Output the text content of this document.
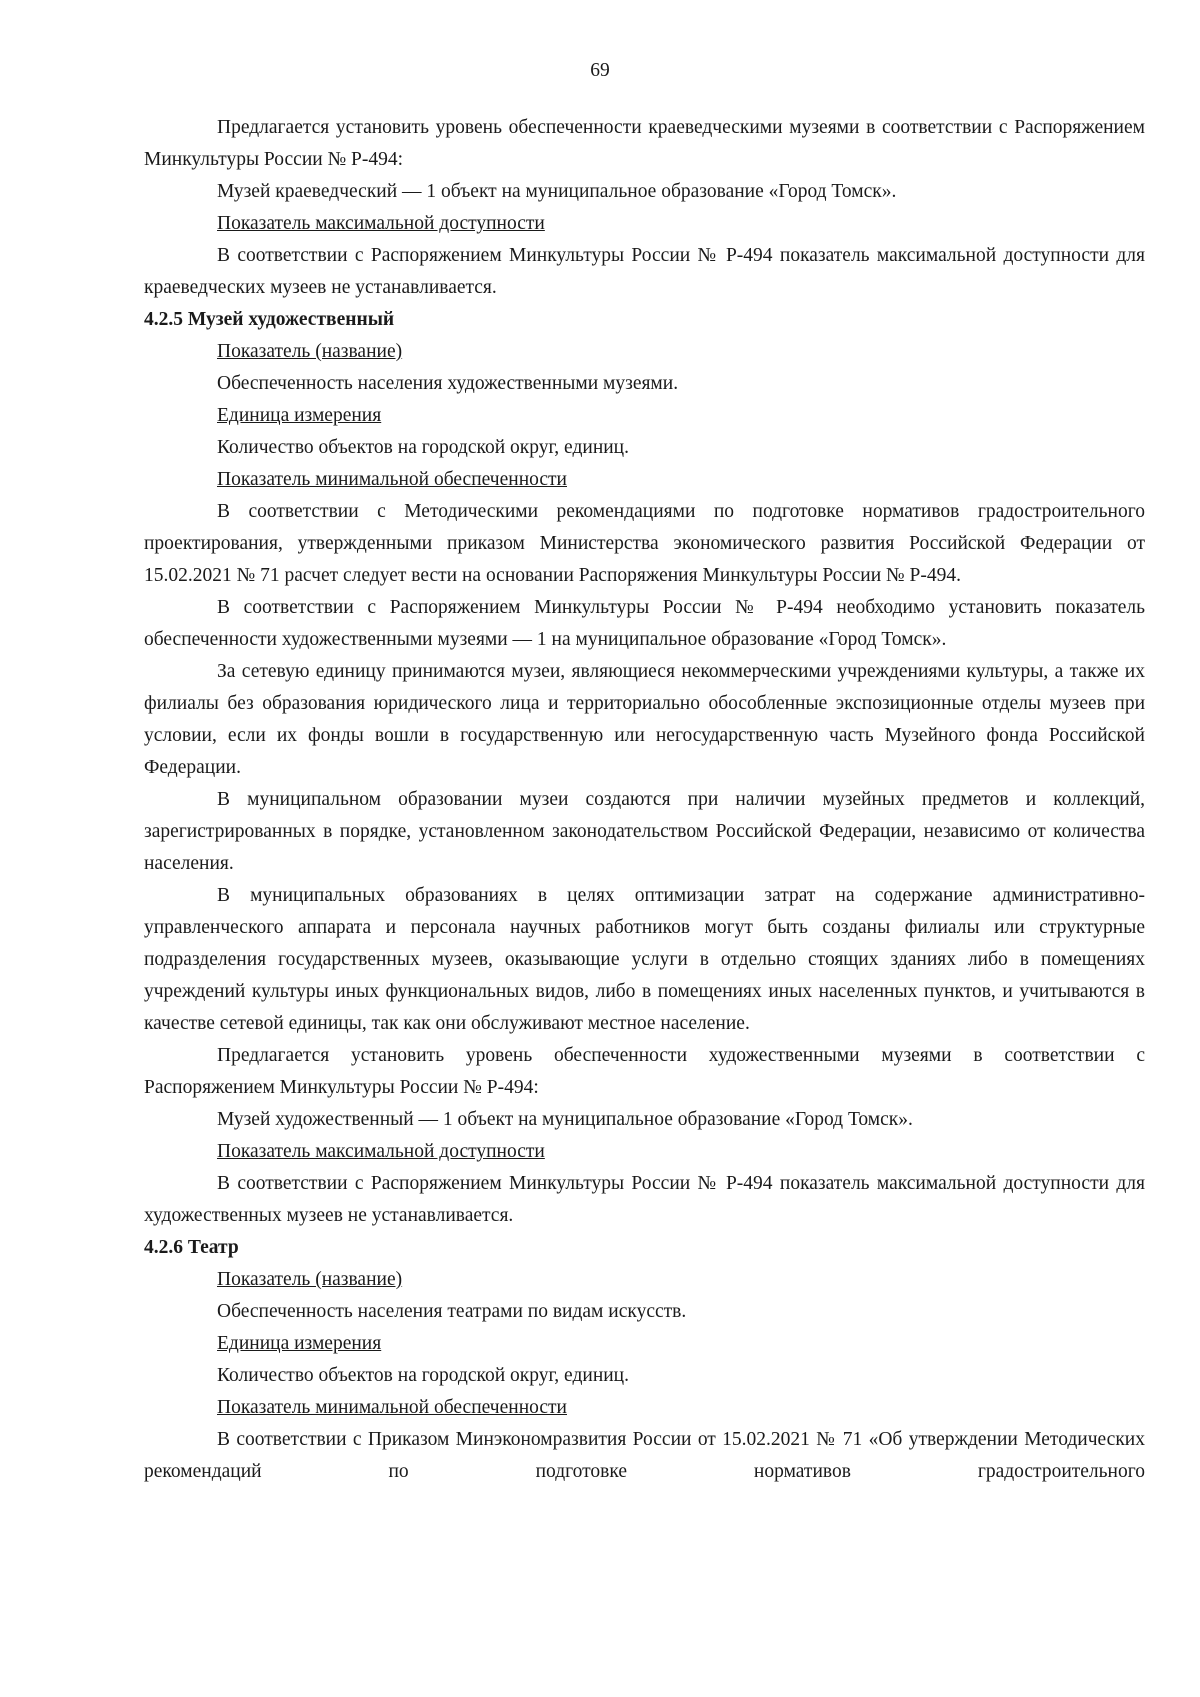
69

Предлагается установить уровень обеспеченности краеведческими музеями в соответствии с Распоряжением Минкультуры России № Р-494:

Музей краеведческий — 1 объект на муниципальное образование «Город Томск».

Показатель максимальной доступности

В соответствии с Распоряжением Минкультуры России № Р-494 показатель максимальной доступности для краеведческих музеев не устанавливается.

4.2.5 Музей художественный

Показатель (название)

Обеспеченность населения художественными музеями.

Единица измерения

Количество объектов на городской округ, единиц.

Показатель минимальной обеспеченности

В соответствии с Методическими рекомендациями по подготовке нормативов градостроительного проектирования, утвержденными приказом Министерства экономического развития Российской Федерации от 15.02.2021 № 71 расчет следует вести на основании Распоряжения Минкультуры России № Р-494.

В соответствии с Распоряжением Минкультуры России № Р-494 необходимо установить показатель обеспеченности художественными музеями — 1 на муниципальное образование «Город Томск».

За сетевую единицу принимаются музеи, являющиеся некоммерческими учреждениями культуры, а также их филиалы без образования юридического лица и территориально обособленные экспозиционные отделы музеев при условии, если их фонды вошли в государственную или негосударственную часть Музейного фонда Российской Федерации.

В муниципальном образовании музеи создаются при наличии музейных предметов и коллекций, зарегистрированных в порядке, установленном законодательством Российской Федерации, независимо от количества населения.

В муниципальных образованиях в целях оптимизации затрат на содержание административно-управленческого аппарата и персонала научных работников могут быть созданы филиалы или структурные подразделения государственных музеев, оказывающие услуги в отдельно стоящих зданиях либо в помещениях учреждений культуры иных функциональных видов, либо в помещениях иных населенных пунктов, и учитываются в качестве сетевой единицы, так как они обслуживают местное население.

Предлагается установить уровень обеспеченности художественными музеями в соответствии с Распоряжением Минкультуры России № Р-494:

Музей художественный — 1 объект на муниципальное образование «Город Томск».

Показатель максимальной доступности

В соответствии с Распоряжением Минкультуры России № Р-494 показатель максимальной доступности для художественных музеев не устанавливается.

4.2.6 Театр

Показатель (название)

Обеспеченность населения театрами по видам искусств.

Единица измерения

Количество объектов на городской округ, единиц.

Показатель минимальной обеспеченности

В соответствии с Приказом Минэкономразвития России от 15.02.2021 № 71 «Об утверждении Методических рекомендаций по подготовке нормативов градостроительного
